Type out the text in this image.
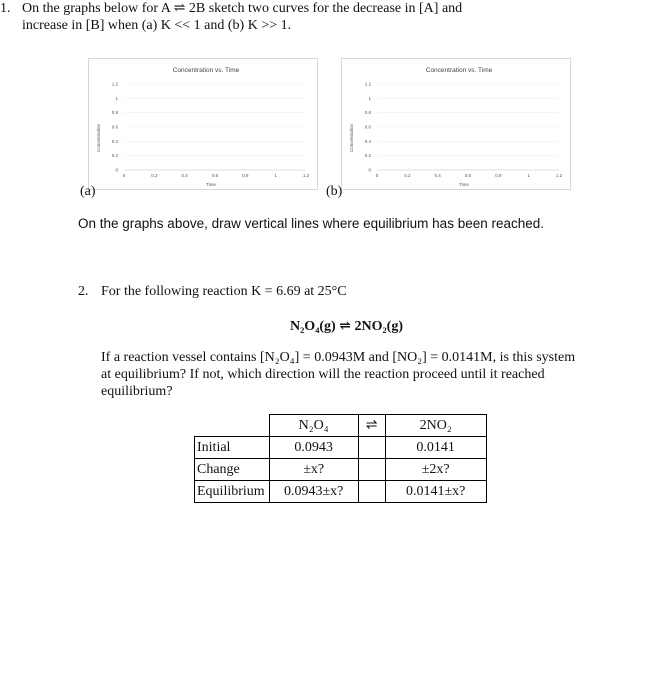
1. On the graphs below for A ⇌ 2B sketch two curves for the decrease in [A] and
increase in [B] when (a) K << 1 and (b) K >> 1.
Concentration vs. Time
0
0.2
0.4
0.6
0.8
1
1.2
0	0.2	0.4	0.6	0.8	1	1.2
Time
Concentration
Concentration vs. Time
0
0.2
0.4
0.6
0.8
1
1.2
0	0.2	0.4	0.6	0.8	1	1.2
Time
Concentration
(a)	(b)
On the graphs above, draw vertical lines where equilibrium has been reached.
2. For the following reaction K = 6.69 at 25°C
N₂O₄(g) ⇌ 2NO₂(g)
If a reaction vessel contains [N₂O₄] = 0.0943M and [NO₂] = 0.0141M, is this system
at equilibrium? If not, which direction will the reaction proceed until it reached
equilibrium?
	N₂O₄	⇌	2NO₂
Initial	0.0943		0.0141
Change	±x?		±2x?
Equilibrium	0.0943±x?		0.0141±x?
